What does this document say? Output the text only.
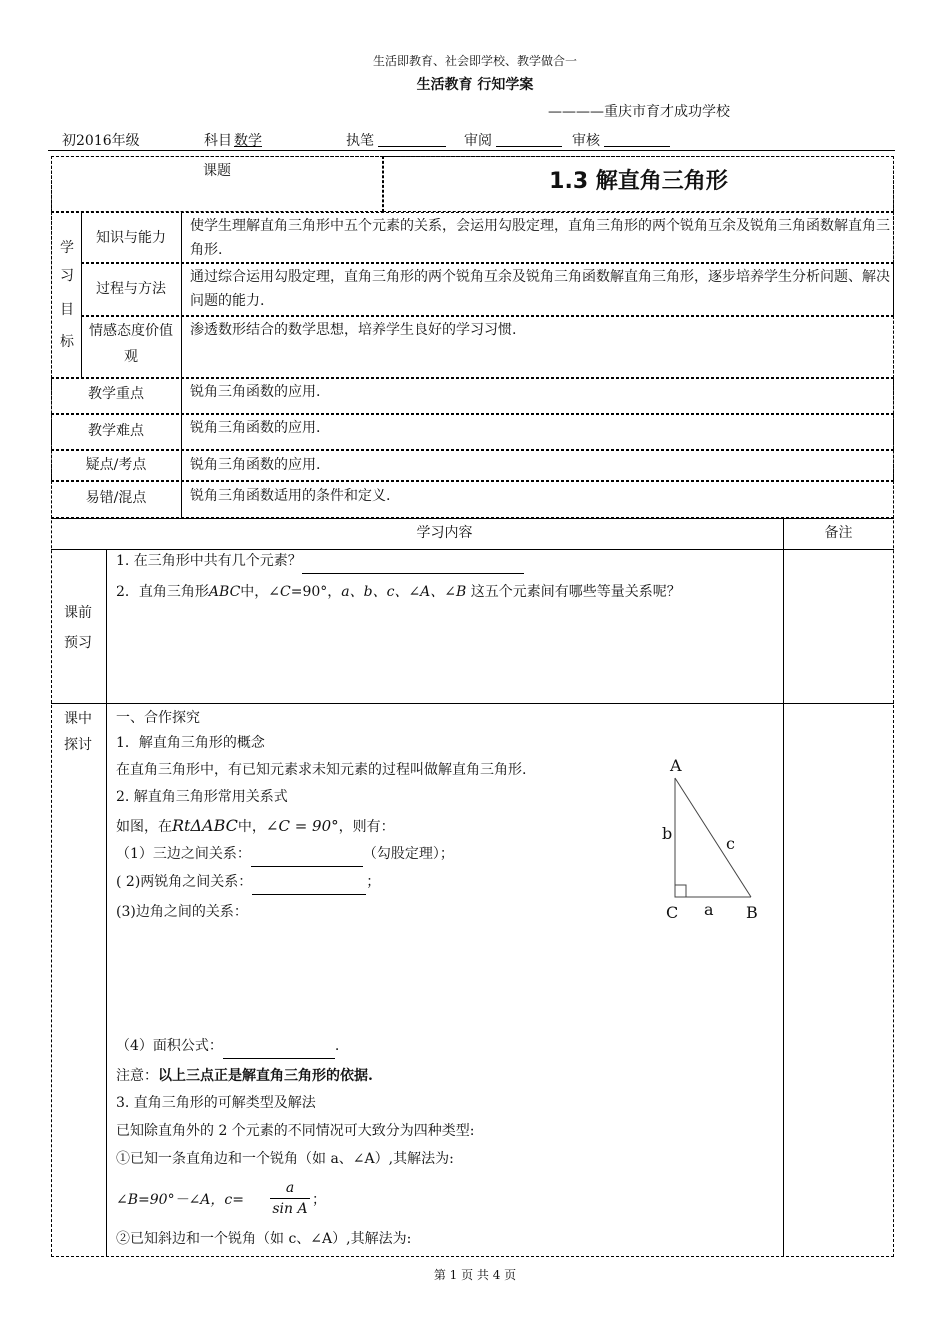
生活即教育、社会即学校、教学做合一
生活教育 行知学案
————重庆市育才成功学校
初2016年级	科目
数学
	执笔
	审阅
	审核

课题	1.3 解直角三角形
学
习
目
标
知识与能力
使学生理解直角三角形中五个元素的关系，会运用勾股定理，直角三角形的两个锐角互余及锐角三角函数解直角三角形.
过程与方法
通过综合运用勾股定理，直角三角形的两个锐角互余及锐角三角函数解直角三角形，逐步培养学生分析问题、解决问题的能力.
情感态度价值观
渗透数形结合的数学思想，培养学生良好的学习习惯.
教学重点	锐角三角函数的应用.
教学难点	锐角三角函数的应用.
疑点/考点	锐角三角函数的应用.
易错/混点	锐角三角函数适用的条件和定义.
学习内容	备注
课前预习
1. 在三角形中共有几个元素？
2．直角三角形ABC中，∠C=90°，a、b、c、∠A、∠B 这五个元素间有哪些等量关系呢？
课中探讨
一、合作探究
1．解直角三角形的概念
在直角三角形中，有已知元素求未知元素的过程叫做解直角三角形.
2. 解直角三角形常用关系式
如图，在RtΔABC中，∠C = 90°，则有：
（1）三边之间关系：	（勾股定理）；
( 2)两锐角之间关系：	；
(3)边角之间的关系：
（4）面积公式：	.
注意：以上三点正是解直角三角形的依据.
3. 直角三角形的可解类型及解法
已知除直角外的 2 个元素的不同情况可大致分为四种类型:
①已知一条直角边和一个锐角（如 a、∠A）,其解法为:
∠B=90°－∠A，c=
a
sin A
；
②已知斜边和一个锐角（如 c、∠A）,其解法为:
A
B
C a
b
c
第 1 页 共 4 页
